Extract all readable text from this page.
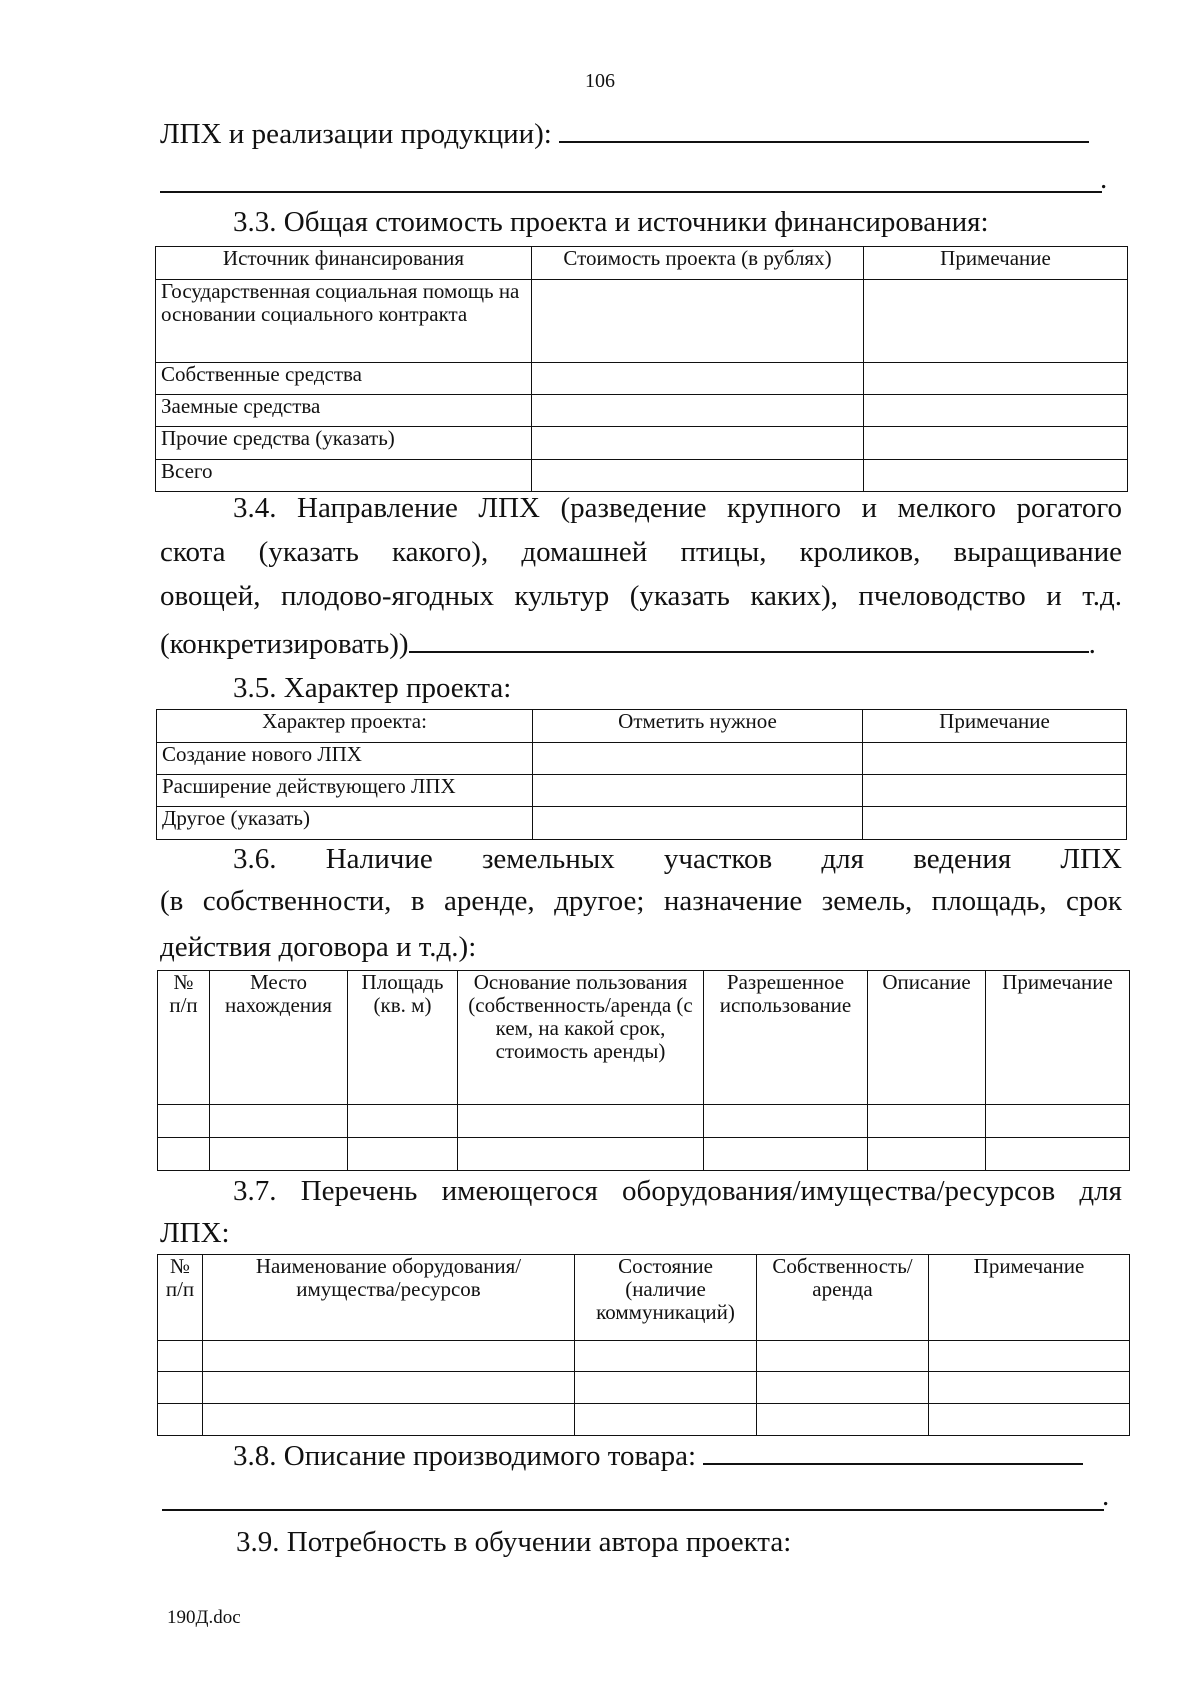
106
ЛПХ и реализации продукции):
.
3.3. Общая стоимость проекта и источники финансирования:
Источник финансирования	Стоимость проекта (в рублях)	Примечание
Государственная социальная помощь на основании социального контракта		
Собственные средства		
Заемные средства		
Прочие средства (указать)		
Всего		
3.4. Направление ЛПХ (разведение крупного и мелкого рогатого
скота (указать какого), домашней птицы, кроликов, выращивание
овощей, плодово-ягодных культур (указать каких), пчеловодство и т.д.
(конкретизировать))	.
3.5. Характер проекта:
Характер проекта:	Отметить нужное	Примечание
Создание нового ЛПХ		
Расширение действующего ЛПХ		
Другое (указать)		
3.6. Наличие земельных участков для ведения ЛПХ
(в собственности, в аренде, другое; назначение земель, площадь, срок
действия договора и т.д.):
№ п/п	Место нахождения	Площадь (кв. м)	Основание пользования (собственность/аренда (с кем, на какой срок, стоимость аренды)	Разрешенное использование	Описание	Примечание

3.7. Перечень имеющегося оборудования/имущества/ресурсов для
ЛПХ:
№ п/п	Наименование оборудования/имущества/ресурсов	Состояние (наличие коммуникаций)	Собственность/ аренда	Примечание

3.8. Описание производимого товара:
.
3.9. Потребность в обучении автора проекта:
190Д.doc
